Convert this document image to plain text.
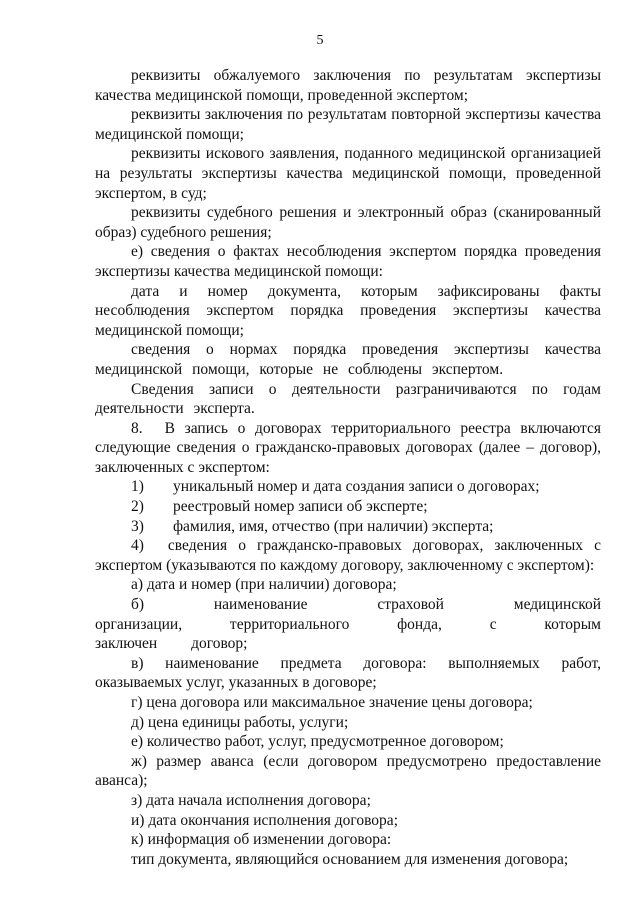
5

реквизиты обжалуемого заключения по результатам экспертизы качества медицинской помощи, проведенной экспертом;

реквизиты заключения по результатам повторной экспертизы качества медицинской помощи;

реквизиты искового заявления, поданного медицинской организацией на результаты экспертизы качества медицинской помощи, проведенной экспертом, в суд;

реквизиты судебного решения и электронный образ (сканированный образ) судебного решения;

е) сведения о фактах несоблюдения экспертом порядка проведения экспертизы качества медицинской помощи:

дата и номер документа, которым зафиксированы факты несоблюдения экспертом порядка проведения экспертизы качества медицинской помощи;

сведения о нормах порядка проведения экспертизы качества медицинской помощи, которые не соблюдены экспертом.

Сведения записи о деятельности разграничиваются по годам деятельности эксперта.

8. В запись о договорах территориального реестра включаются следующие сведения о гражданско-правовых договорах (далее – договор), заключенных с экспертом:

1)	уникальный номер и дата создания записи о договорах;
2)	реестровый номер записи об эксперте;
3)	фамилия, имя, отчество (при наличии) эксперта;

4) сведения о гражданско-правовых договорах, заключенных с экспертом (указываются по каждому договору, заключенному с экспертом):

а) дата и номер (при наличии) договора;

б) наименование страховой медицинской организации, территориального фонда, с которым заключен договор;

в) наименование предмета договора: выполняемых работ, оказываемых услуг, указанных в договоре;

г) цена договора или максимальное значение цены договора;

д) цена единицы работы, услуги;

е) количество работ, услуг, предусмотренное договором;

ж) размер аванса (если договором предусмотрено предоставление аванса);

з) дата начала исполнения договора;

и) дата окончания исполнения договора;

к) информация об изменении договора:

тип документа, являющийся основанием для изменения договора;
